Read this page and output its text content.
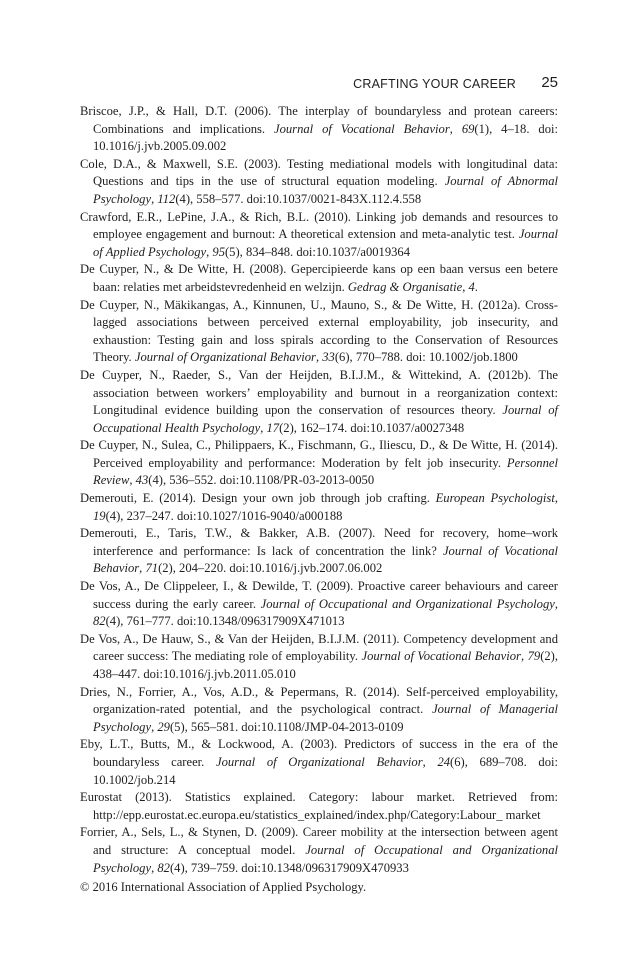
CRAFTING YOUR CAREER 25

Briscoe, J.P., & Hall, D.T. (2006). The interplay of boundaryless and protean careers: Combinations and implications. Journal of Vocational Behavior, 69(1), 4–18. doi: 10.1016/j.jvb.2005.09.002

Cole, D.A., & Maxwell, S.E. (2003). Testing mediational models with longitudinal data: Questions and tips in the use of structural equation modeling. Journal of Abnormal Psychology, 112(4), 558–577. doi:10.1037/0021-843X.112.4.558

Crawford, E.R., LePine, J.A., & Rich, B.L. (2010). Linking job demands and resources to employee engagement and burnout: A theoretical extension and meta-analytic test. Journal of Applied Psychology, 95(5), 834–848. doi:10.1037/a0019364

De Cuyper, N., & De Witte, H. (2008). Gepercipieerde kans op een baan versus een betere baan: relaties met arbeidstevredenheid en welzijn. Gedrag & Organisatie, 4.

De Cuyper, N., Mäkikangas, A., Kinnunen, U., Mauno, S., & De Witte, H. (2012a). Cross-lagged associations between perceived external employability, job insecurity, and exhaustion: Testing gain and loss spirals according to the Conservation of Resources Theory. Journal of Organizational Behavior, 33(6), 770–788. doi: 10.1002/job.1800

De Cuyper, N., Raeder, S., Van der Heijden, B.I.J.M., & Wittekind, A. (2012b). The association between workers’ employability and burnout in a reorganization context: Longitudinal evidence building upon the conservation of resources theory. Journal of Occupational Health Psychology, 17(2), 162–174. doi:10.1037/a0027348

De Cuyper, N., Sulea, C., Philippaers, K., Fischmann, G., Iliescu, D., & De Witte, H. (2014). Perceived employability and performance: Moderation by felt job insecurity. Personnel Review, 43(4), 536–552. doi:10.1108/PR-03-2013-0050

Demerouti, E. (2014). Design your own job through job crafting. European Psychologist, 19(4), 237–247. doi:10.1027/1016-9040/a000188

Demerouti, E., Taris, T.W., & Bakker, A.B. (2007). Need for recovery, home–work interference and performance: Is lack of concentration the link? Journal of Vocational Behavior, 71(2), 204–220. doi:10.1016/j.jvb.2007.06.002

De Vos, A., De Clippeleer, I., & Dewilde, T. (2009). Proactive career behaviours and career success during the early career. Journal of Occupational and Organizational Psychology, 82(4), 761–777. doi:10.1348/096317909X471013

De Vos, A., De Hauw, S., & Van der Heijden, B.I.J.M. (2011). Competency development and career success: The mediating role of employability. Journal of Vocational Behavior, 79(2), 438–447. doi:10.1016/j.jvb.2011.05.010

Dries, N., Forrier, A., Vos, A.D., & Pepermans, R. (2014). Self-perceived employability, organization-rated potential, and the psychological contract. Journal of Managerial Psychology, 29(5), 565–581. doi:10.1108/JMP-04-2013-0109

Eby, L.T., Butts, M., & Lockwood, A. (2003). Predictors of success in the era of the boundaryless career. Journal of Organizational Behavior, 24(6), 689–708. doi: 10.1002/job.214

Eurostat (2013). Statistics explained. Category: labour market. Retrieved from: http://epp.eurostat.ec.europa.eu/statistics_explained/index.php/Category:Labour_ market

Forrier, A., Sels, L., & Stynen, D. (2009). Career mobility at the intersection between agent and structure: A conceptual model. Journal of Occupational and Organizational Psychology, 82(4), 739–759. doi:10.1348/096317909X470933

© 2016 International Association of Applied Psychology.
